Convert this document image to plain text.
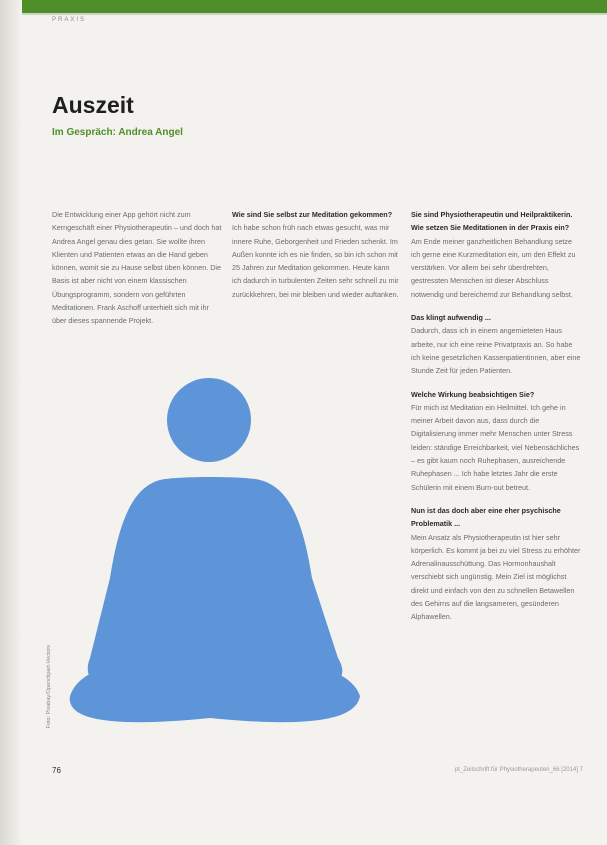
PRAXIS
Auszeit
Im Gespräch: Andrea Angel

Die Entwicklung einer App gehört nicht zum Kerngeschäft einer Physiotherapeutin – und doch hat Andrea Angel genau dies getan. Sie wollte ihren Klienten und Patienten etwas an die Hand geben können, womit sie zu Hause selbst üben können. Die Basis ist aber nicht von einem klassischen Übungsprogramm, sondern von geführten Meditationen. Frank Aschoff unterhielt sich mit ihr über dieses spannende Projekt.

Wie sind Sie selbst zur Meditation gekommen?

Ich habe schon früh nach etwas gesucht, was mir innere Ruhe, Geborgenheit und Frieden schenkt. Im Außen konnte ich es nie finden, so bin ich schon mit 25 Jahren zur Meditation gekommen. Heute kann ich dadurch in turbulenten Zeiten sehr schnell zu mir zurückkehren, bei mir bleiben und wieder auftanken.

Sie sind Physiotherapeutin und Heilpraktikerin. Wie setzen Sie Meditationen in der Praxis ein?

Am Ende meiner ganzheitlichen Behandlung setze ich gerne eine Kurzmeditation ein, um den Effekt zu verstärken. Vor allem bei sehr überdrehten, gestressten Menschen ist dieser Abschluss notwendig und bereichernd zur Behandlung selbst.

Das klingt aufwendig ...

Dadurch, dass ich in einem angemieteten Haus arbeite, nur ich eine reine Privatpraxis an. So habe ich keine gesetzlichen Kassenpatientinnen, aber eine Stunde Zeit für jeden Patienten.

Welche Wirkung beabsichtigen Sie?

Für mich ist Meditation ein Heilmittel. Ich gehe in meiner Arbeit davon aus, dass durch die Digitalisierung immer mehr Menschen unter Stress leiden: ständige Erreichbarkeit, viel Nebensächliches – es gibt kaum noch Ruhephasen, ausreichende Ruhephasen ... Ich habe letztes Jahr die erste Schülerin mit einem Burn-out betreut.

Nun ist das doch aber eine eher psychische Problematik ...

Mein Ansatz als Physiotherapeutin ist hier sehr körperlich. Es kommt ja bei zu viel Stress zu erhöhter Adrenalinausschüttung. Das Hormonhaushalt verschiebt sich ungünstig. Mein Ziel ist möglichst direkt und einfach von den zu schnellen Betawellen des Gehirns auf die langsameren, gesünderen Alphawellen.

Foto: Pixabay/Openclipart-Vectors
76	pt_Zeitschrift für Physiotherapeuten_66 [2014] 7
